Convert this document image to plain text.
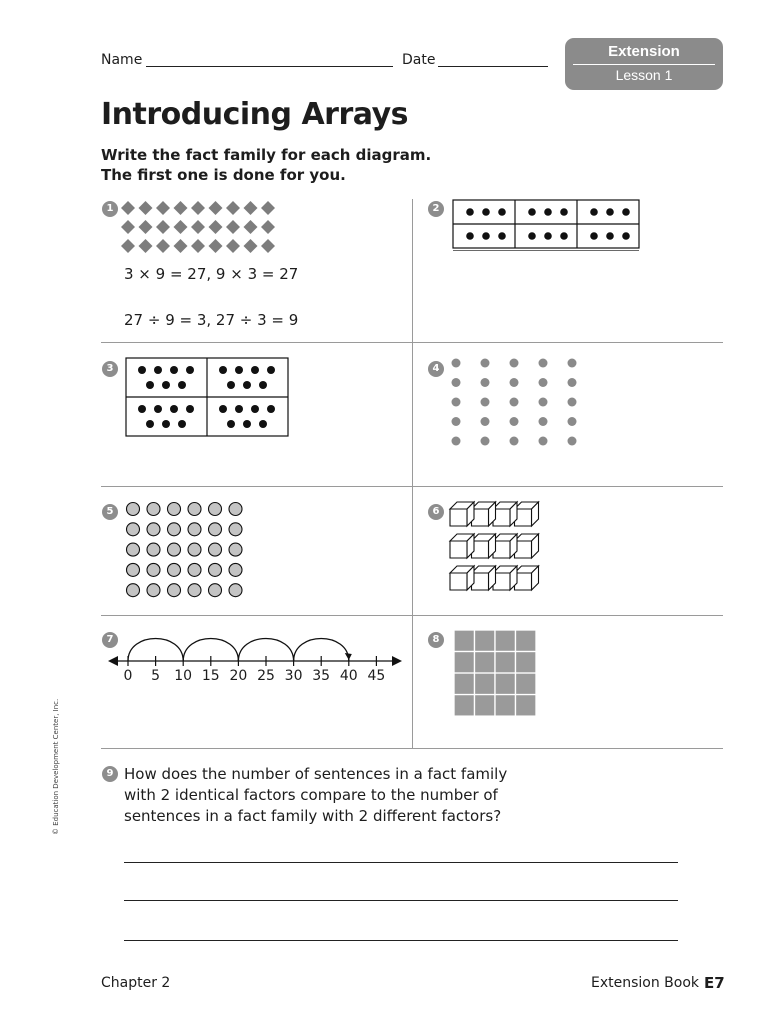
Name	Date	Extension
Lesson 1
Introducing Arrays
Write the fact family for each diagram.
The first one is done for you.
1	2
3	4
5	6
7	8
9
3 × 9 = 27, 9 × 3 = 27
27 ÷ 9 = 3, 27 ÷ 3 = 9
0 5 10 15 20 25 30 35 40 45
How does the number of sentences in a fact family
with 2 identical factors compare to the number of
sentences in a fact family with 2 different factors?
© Education Development Center, Inc.
Chapter 2	Extension Book E7
